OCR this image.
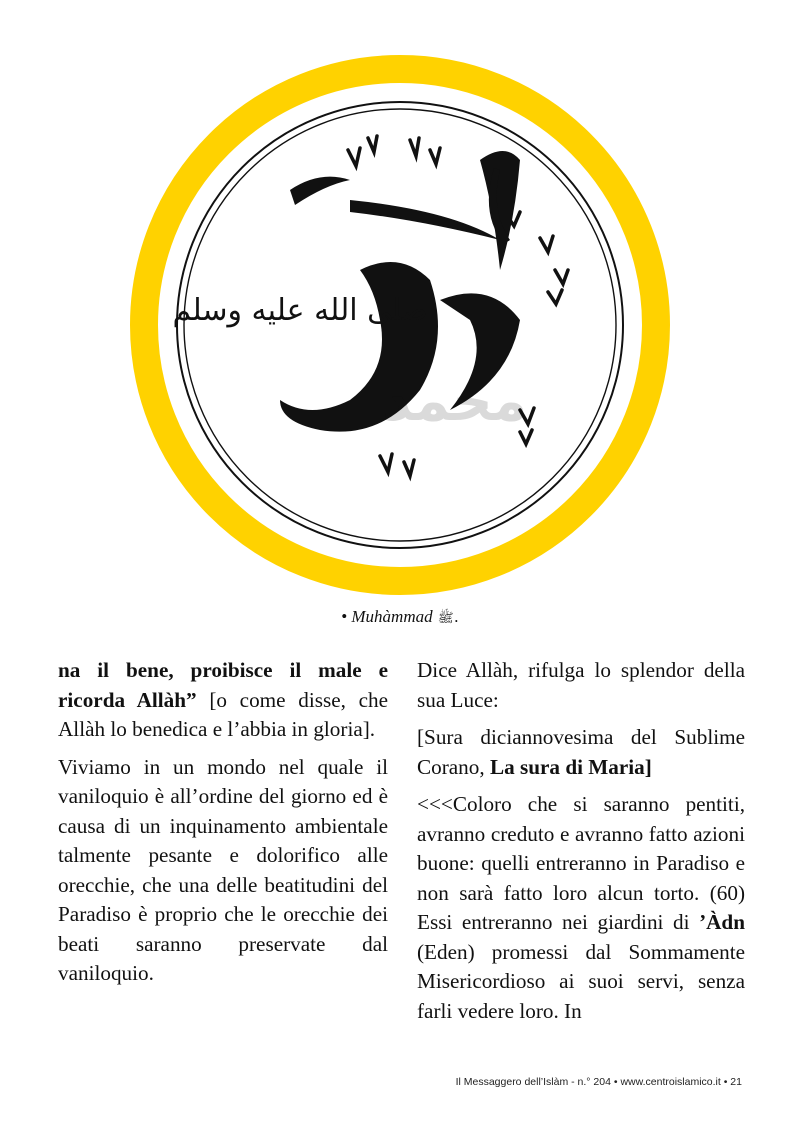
صلى الله عليه وسلم
محمد
• Muhàmmad ﷺ.

na il bene, proibisce il male e ricorda Allàh” [o come disse, che Allàh lo benedica e l’abbia in gloria].

Viviamo in un mondo nel quale il vaniloquio è all’ordine del giorno ed è causa di un inquinamento ambientale talmente pesante e dolorifico alle orecchie, che una delle beatitudini del Paradiso è proprio che le orecchie dei beati saranno preservate dal vaniloquio.

Dice Allàh, rifulga lo splendor della sua Luce:

[Sura diciannovesima del Sublime Corano, La sura di Maria]

<<<Coloro che si saranno pentiti, avranno creduto e avranno fatto azioni buone: quelli entreranno in Paradiso e non sarà fatto loro alcun torto. (60) Essi entreranno nei giardini di ’Àdn (Eden) promessi dal Sommamente Misericordioso ai suoi servi, senza farli vedere loro. In

Il Messaggero dell’Islàm - n.° 204 • www.centroislamico.it • 21
